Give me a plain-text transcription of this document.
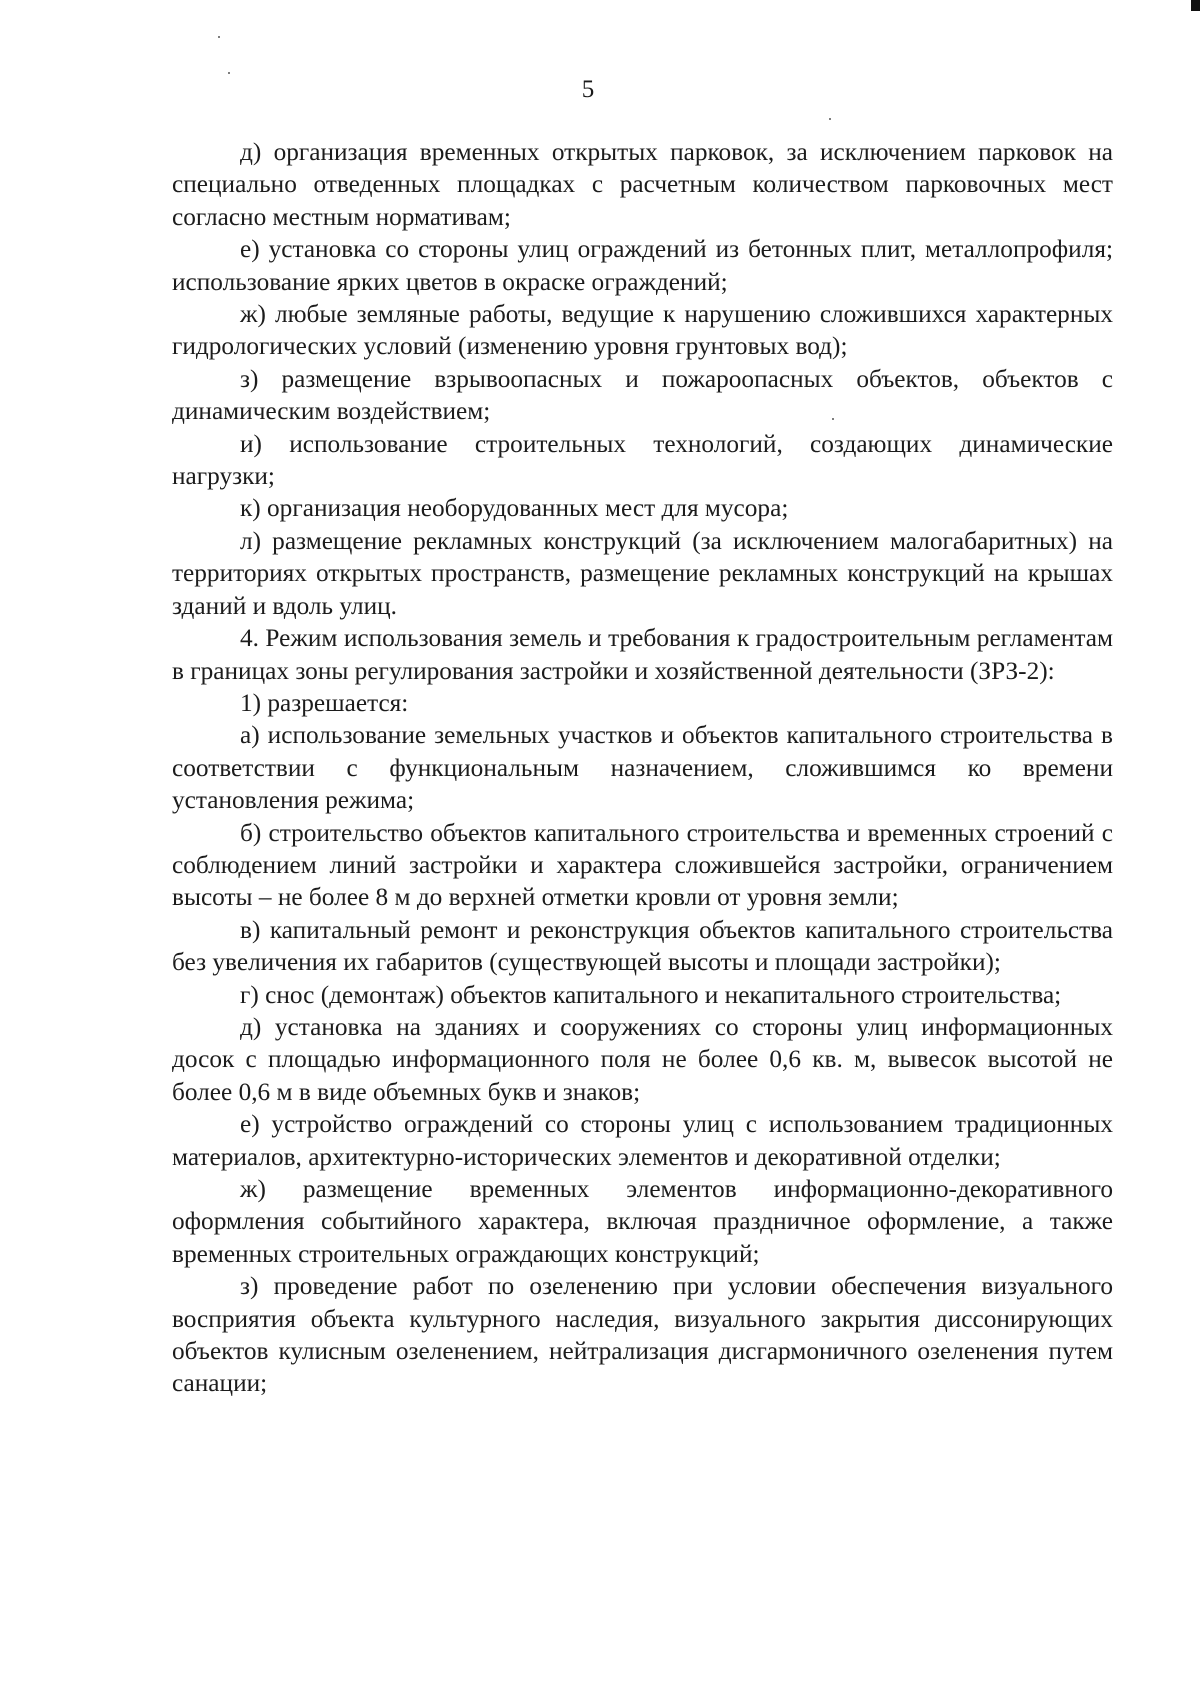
5

д) организация временных открытых парковок, за исключением парковок на специально отведенных площадках с расчетным количеством парковочных мест согласно местным нормативам;

е) установка со стороны улиц ограждений из бетонных плит, металлопрофиля; использование ярких цветов в окраске ограждений;

ж) любые земляные работы, ведущие к нарушению сложившихся характерных гидрологических условий (изменению уровня грунтовых вод);

з) размещение взрывоопасных и пожароопасных объектов, объектов с динамическим воздействием;

и) использование строительных технологий, создающих динамические нагрузки;

к) организация необорудованных мест для мусора;

л) размещение рекламных конструкций (за исключением малогабаритных) на территориях открытых пространств, размещение рекламных конструкций на крышах зданий и вдоль улиц.

4. Режим использования земель и требования к градостроительным регламентам в границах зоны регулирования застройки и хозяйственной деятельности (ЗРЗ-2):

1) разрешается:

а) использование земельных участков и объектов капитального строительства в соответствии с функциональным назначением, сложившимся ко времени установления режима;

б) строительство объектов капитального строительства и временных строений с соблюдением линий застройки и характера сложившейся застройки, ограничением высоты – не более 8 м до верхней отметки кровли от уровня земли;

в) капитальный ремонт и реконструкция объектов капитального строительства без увеличения их габаритов (существующей высоты и площади застройки);

г) снос (демонтаж) объектов капитального и некапитального строительства;

д) установка на зданиях и сооружениях со стороны улиц информационных досок с площадью информационного поля не более 0,6 кв. м, вывесок высотой не более 0,6 м в виде объемных букв и знаков;

е) устройство ограждений со стороны улиц с использованием традиционных материалов, архитектурно-исторических элементов и декоративной отделки;

ж) размещение временных элементов информационно-декоративного оформления событийного характера, включая праздничное оформление, а также временных строительных ограждающих конструкций;

з) проведение работ по озеленению при условии обеспечения визуального восприятия объекта культурного наследия, визуального закрытия диссонирующих объектов кулисным озеленением, нейтрализация дисгармоничного озеленения путем санации;
